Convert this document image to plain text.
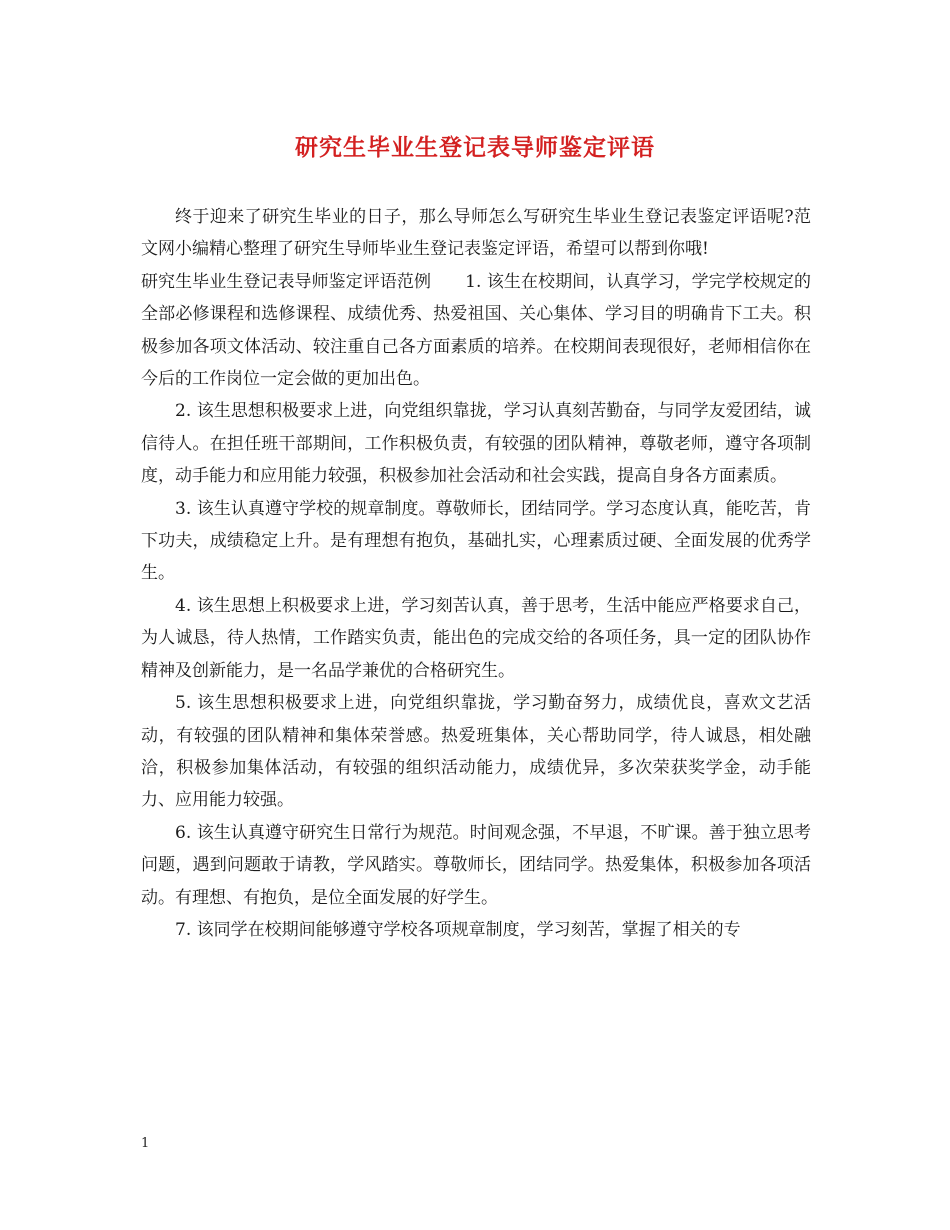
研究生毕业生登记表导师鉴定评语

终于迎来了研究生毕业的日子，那么导师怎么写研究生毕业生登记表鉴定评语呢?范文网小编精心整理了研究生导师毕业生登记表鉴定评语，希望可以帮到你哦!

研究生毕业生登记表导师鉴定评语范例　　1. 该生在校期间，认真学习，学完学校规定的全部必修课程和选修课程、成绩优秀、热爱祖国、关心集体、学习目的明确肯下工夫。积极参加各项文体活动、较注重自己各方面素质的培养。在校期间表现很好，老师相信你在今后的工作岗位一定会做的更加出色。

2. 该生思想积极要求上进，向党组织靠拢，学习认真刻苦勤奋，与同学友爱团结，诚信待人。在担任班干部期间，工作积极负责，有较强的团队精神，尊敬老师，遵守各项制度，动手能力和应用能力较强，积极参加社会活动和社会实践，提高自身各方面素质。

3. 该生认真遵守学校的规章制度。尊敬师长，团结同学。学习态度认真，能吃苦，肯下功夫，成绩稳定上升。是有理想有抱负，基础扎实，心理素质过硬、全面发展的优秀学生。

4. 该生思想上积极要求上进，学习刻苦认真，善于思考，生活中能应严格要求自己，为人诚恳，待人热情，工作踏实负责，能出色的完成交给的各项任务，具一定的团队协作精神及创新能力，是一名品学兼优的合格研究生。

5. 该生思想积极要求上进，向党组织靠拢，学习勤奋努力，成绩优良，喜欢文艺活动，有较强的团队精神和集体荣誉感。热爱班集体，关心帮助同学，待人诚恳，相处融洽，积极参加集体活动，有较强的组织活动能力，成绩优异，多次荣获奖学金，动手能力、应用能力较强。

6. 该生认真遵守研究生日常行为规范。时间观念强，不早退，不旷课。善于独立思考问题，遇到问题敢于请教，学风踏实。尊敬师长，团结同学。热爱集体，积极参加各项活动。有理想、有抱负，是位全面发展的好学生。

7. 该同学在校期间能够遵守学校各项规章制度，学习刻苦，掌握了相关的专

1
